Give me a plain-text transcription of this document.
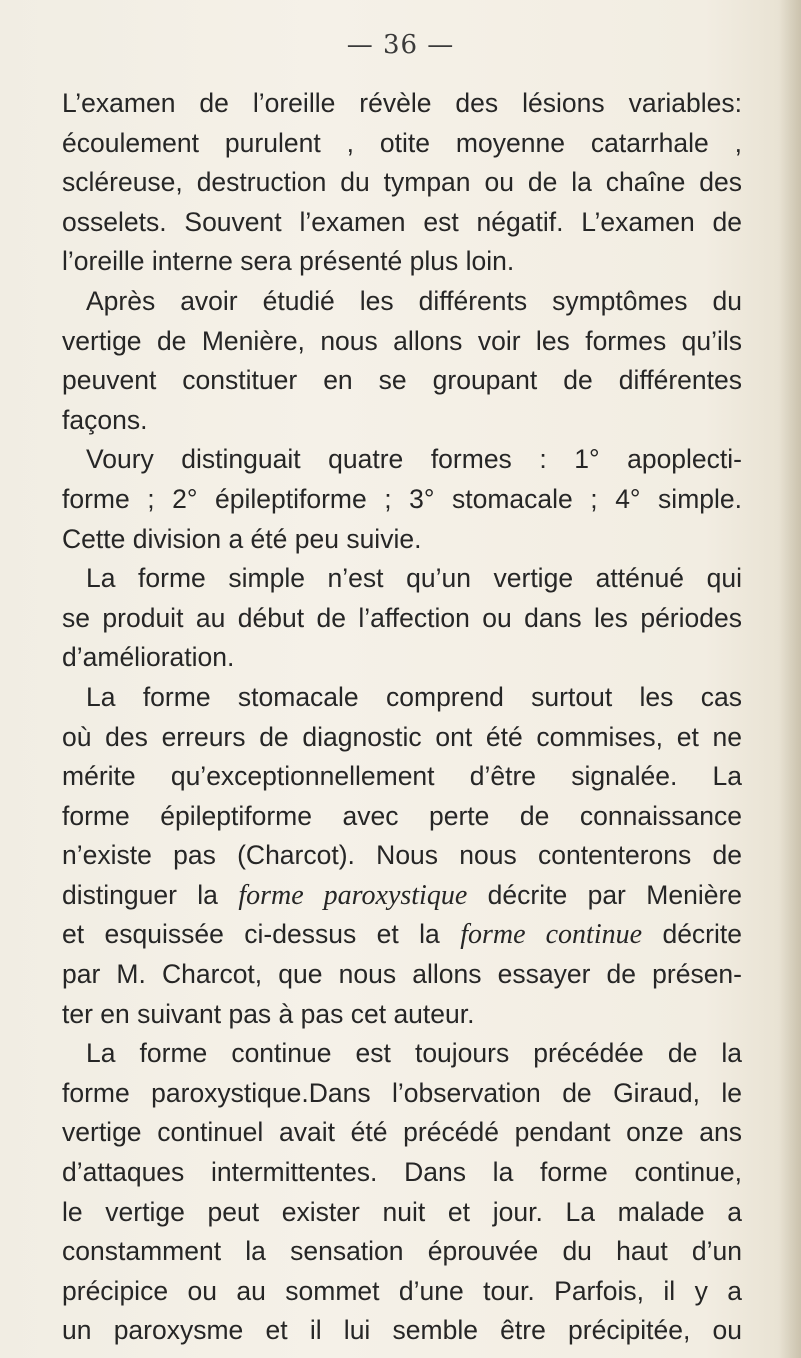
— 36 —
L’examen de l’oreille révèle des lésions variables:
écoulement purulent , otite moyenne catarrhale ,
scléreuse, destruction du tympan ou de la chaîne des
osselets. Souvent l’examen est négatif. L’examen de
l’oreille interne sera présenté plus loin.
Après avoir étudié les différents symptômes du
vertige de Menière, nous allons voir les formes qu’ils
peuvent constituer en se groupant de différentes
façons.
Voury distinguait quatre formes : 1° apoplecti-
forme ; 2° épileptiforme ; 3° stomacale ; 4° simple.
Cette division a été peu suivie.
La forme simple n’est qu’un vertige atténué qui
se produit au début de l’affection ou dans les périodes
d’amélioration.
La forme stomacale comprend surtout les cas
où des erreurs de diagnostic ont été commises, et ne
mérite qu’exceptionnellement d’être signalée. La
forme épileptiforme avec perte de connaissance
n’existe pas (Charcot). Nous nous contenterons de
distinguer la forme paroxystique décrite par Menière
et esquissée ci-dessus et la forme continue décrite
par M. Charcot, que nous allons essayer de présen-
ter en suivant pas à pas cet auteur.
La forme continue est toujours précédée de la
forme paroxystique.Dans l’observation de Giraud, le
vertige continuel avait été précédé pendant onze ans
d’attaques intermittentes. Dans la forme continue,
le vertige peut exister nuit et jour. La malade a
constamment la sensation éprouvée du haut d’un
précipice ou au sommet d’une tour. Parfois, il y a
un paroxysme et il lui semble être précipitée, ou
